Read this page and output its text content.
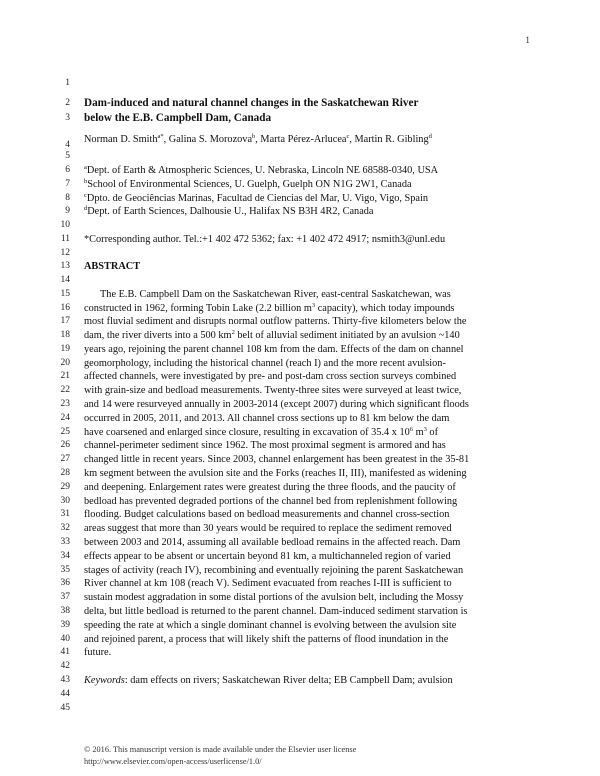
1
1
2
3
4
5
6
7
8
9
10
11
12
13
14
15
16
17
18
19
20
21
22
23
24
25
26
27
28
29
30
31
32
33
34
35
36
37
38
39
40
41
42
43
44
45
Dam-induced and natural channel changes in the Saskatchewan River
below the E.B. Campbell Dam, Canada
Norman D. Smith$^{a*}$, Galina S. Morozova$^b$, Marta Pérez-Arlucea$^c$, Martin R. Gibling$^d$
$^a$Dept. of Earth & Atmospheric Sciences, U. Nebraska, Lincoln NE 68588-0340, USA
$^b$School of Environmental Sciences, U. Guelph, Guelph ON N1G 2W1, Canada
$^c$Dpto. de Geociências Marinas, Facultad de Ciencias del Mar, U. Vigo, Vigo, Spain
$^d$Dept. of Earth Sciences, Dalhousie U., Halifax NS B3H 4R2, Canada
*Corresponding author. Tel.:+1 402 472 5362; fax: +1 402 472 4917; nsmith3@unl.edu
ABSTRACT
The E.B. Campbell Dam on the Saskatchewan River, east-central Saskatchewan, was
constructed in 1962, forming Tobin Lake (2.2 billion $m^3$ capacity), which today impounds
most fluvial sediment and disrupts normal outflow patterns. Thirty-five kilometers below the
dam, the river diverts into a 500 $km^2$ belt of alluvial sediment initiated by an avulsion ~140
years ago, rejoining the parent channel 108 km from the dam. Effects of the dam on channel
geomorphology, including the historical channel (reach I) and the more recent avulsion-
affected channels, were investigated by pre- and post-dam cross section surveys combined
with grain-size and bedload measurements. Twenty-three sites were surveyed at least twice,
and 14 were resurveyed annually in 2003-2014 (except 2007) during which significant floods
occurred in 2005, 2011, and 2013. All channel cross sections up to 81 km below the dam
have coarsened and enlarged since closure, resulting in excavation of 35.4 x $10^6$ $m^3$ of
channel-perimeter sediment since 1962. The most proximal segment is armored and has
changed little in recent years. Since 2003, channel enlargement has been greatest in the 35-81
km segment between the avulsion site and the Forks (reaches II, III), manifested as widening
and deepening. Enlargement rates were greatest during the three floods, and the paucity of
bedload has prevented degraded portions of the channel bed from replenishment following
flooding. Budget calculations based on bedload measurements and channel cross-section
areas suggest that more than 30 years would be required to replace the sediment removed
between 2003 and 2014, assuming all available bedload remains in the affected reach. Dam
effects appear to be absent or uncertain beyond 81 km, a multichanneled region of varied
stages of activity (reach IV), recombining and eventually rejoining the parent Saskatchewan
River channel at km 108 (reach V). Sediment evacuated from reaches I-III is sufficient to
sustain modest aggradation in some distal portions of the avulsion belt, including the Mossy
delta, but little bedload is returned to the parent channel. Dam-induced sediment starvation is
speeding the rate at which a single dominant channel is evolving between the avulsion site
and rejoined parent, a process that will likely shift the patterns of flood inundation in the
future.
Keywords: dam effects on rivers; Saskatchewan River delta; EB Campbell Dam; avulsion
© 2016. This manuscript version is made available under the Elsevier user license
http://www.elsevier.com/open-access/userlicense/1.0/
